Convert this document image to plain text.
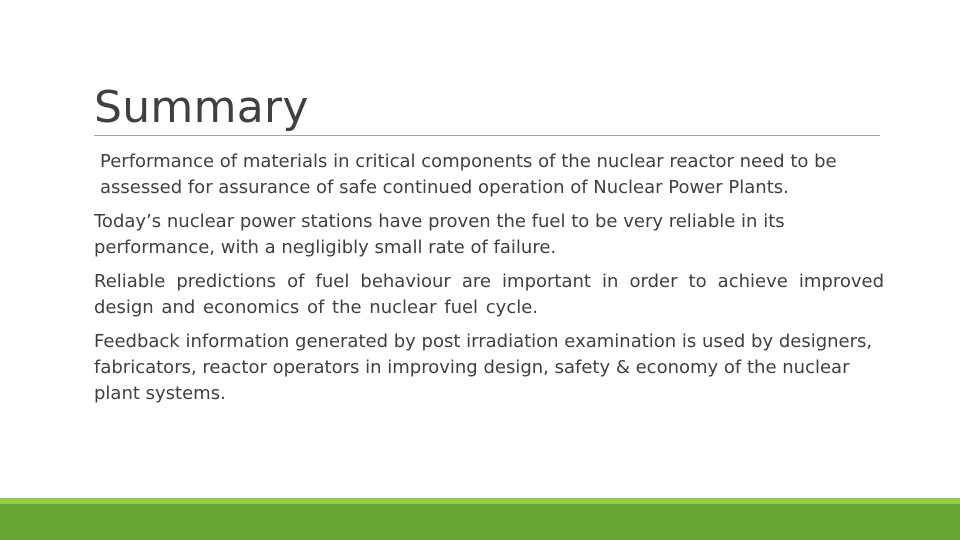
Summary

Performance of materials in critical components of the nuclear reactor need to be assessed for assurance of safe continued operation of Nuclear Power Plants.

Today’s nuclear power stations have proven the fuel to be very reliable in its performance, with a negligibly small rate of failure.

Reliable predictions of fuel behaviour are important in order to achieve improved design and economics of the nuclear fuel cycle.

Feedback information generated by post irradiation examination is used by designers, fabricators, reactor operators in improving design, safety & economy of the nuclear plant systems.
